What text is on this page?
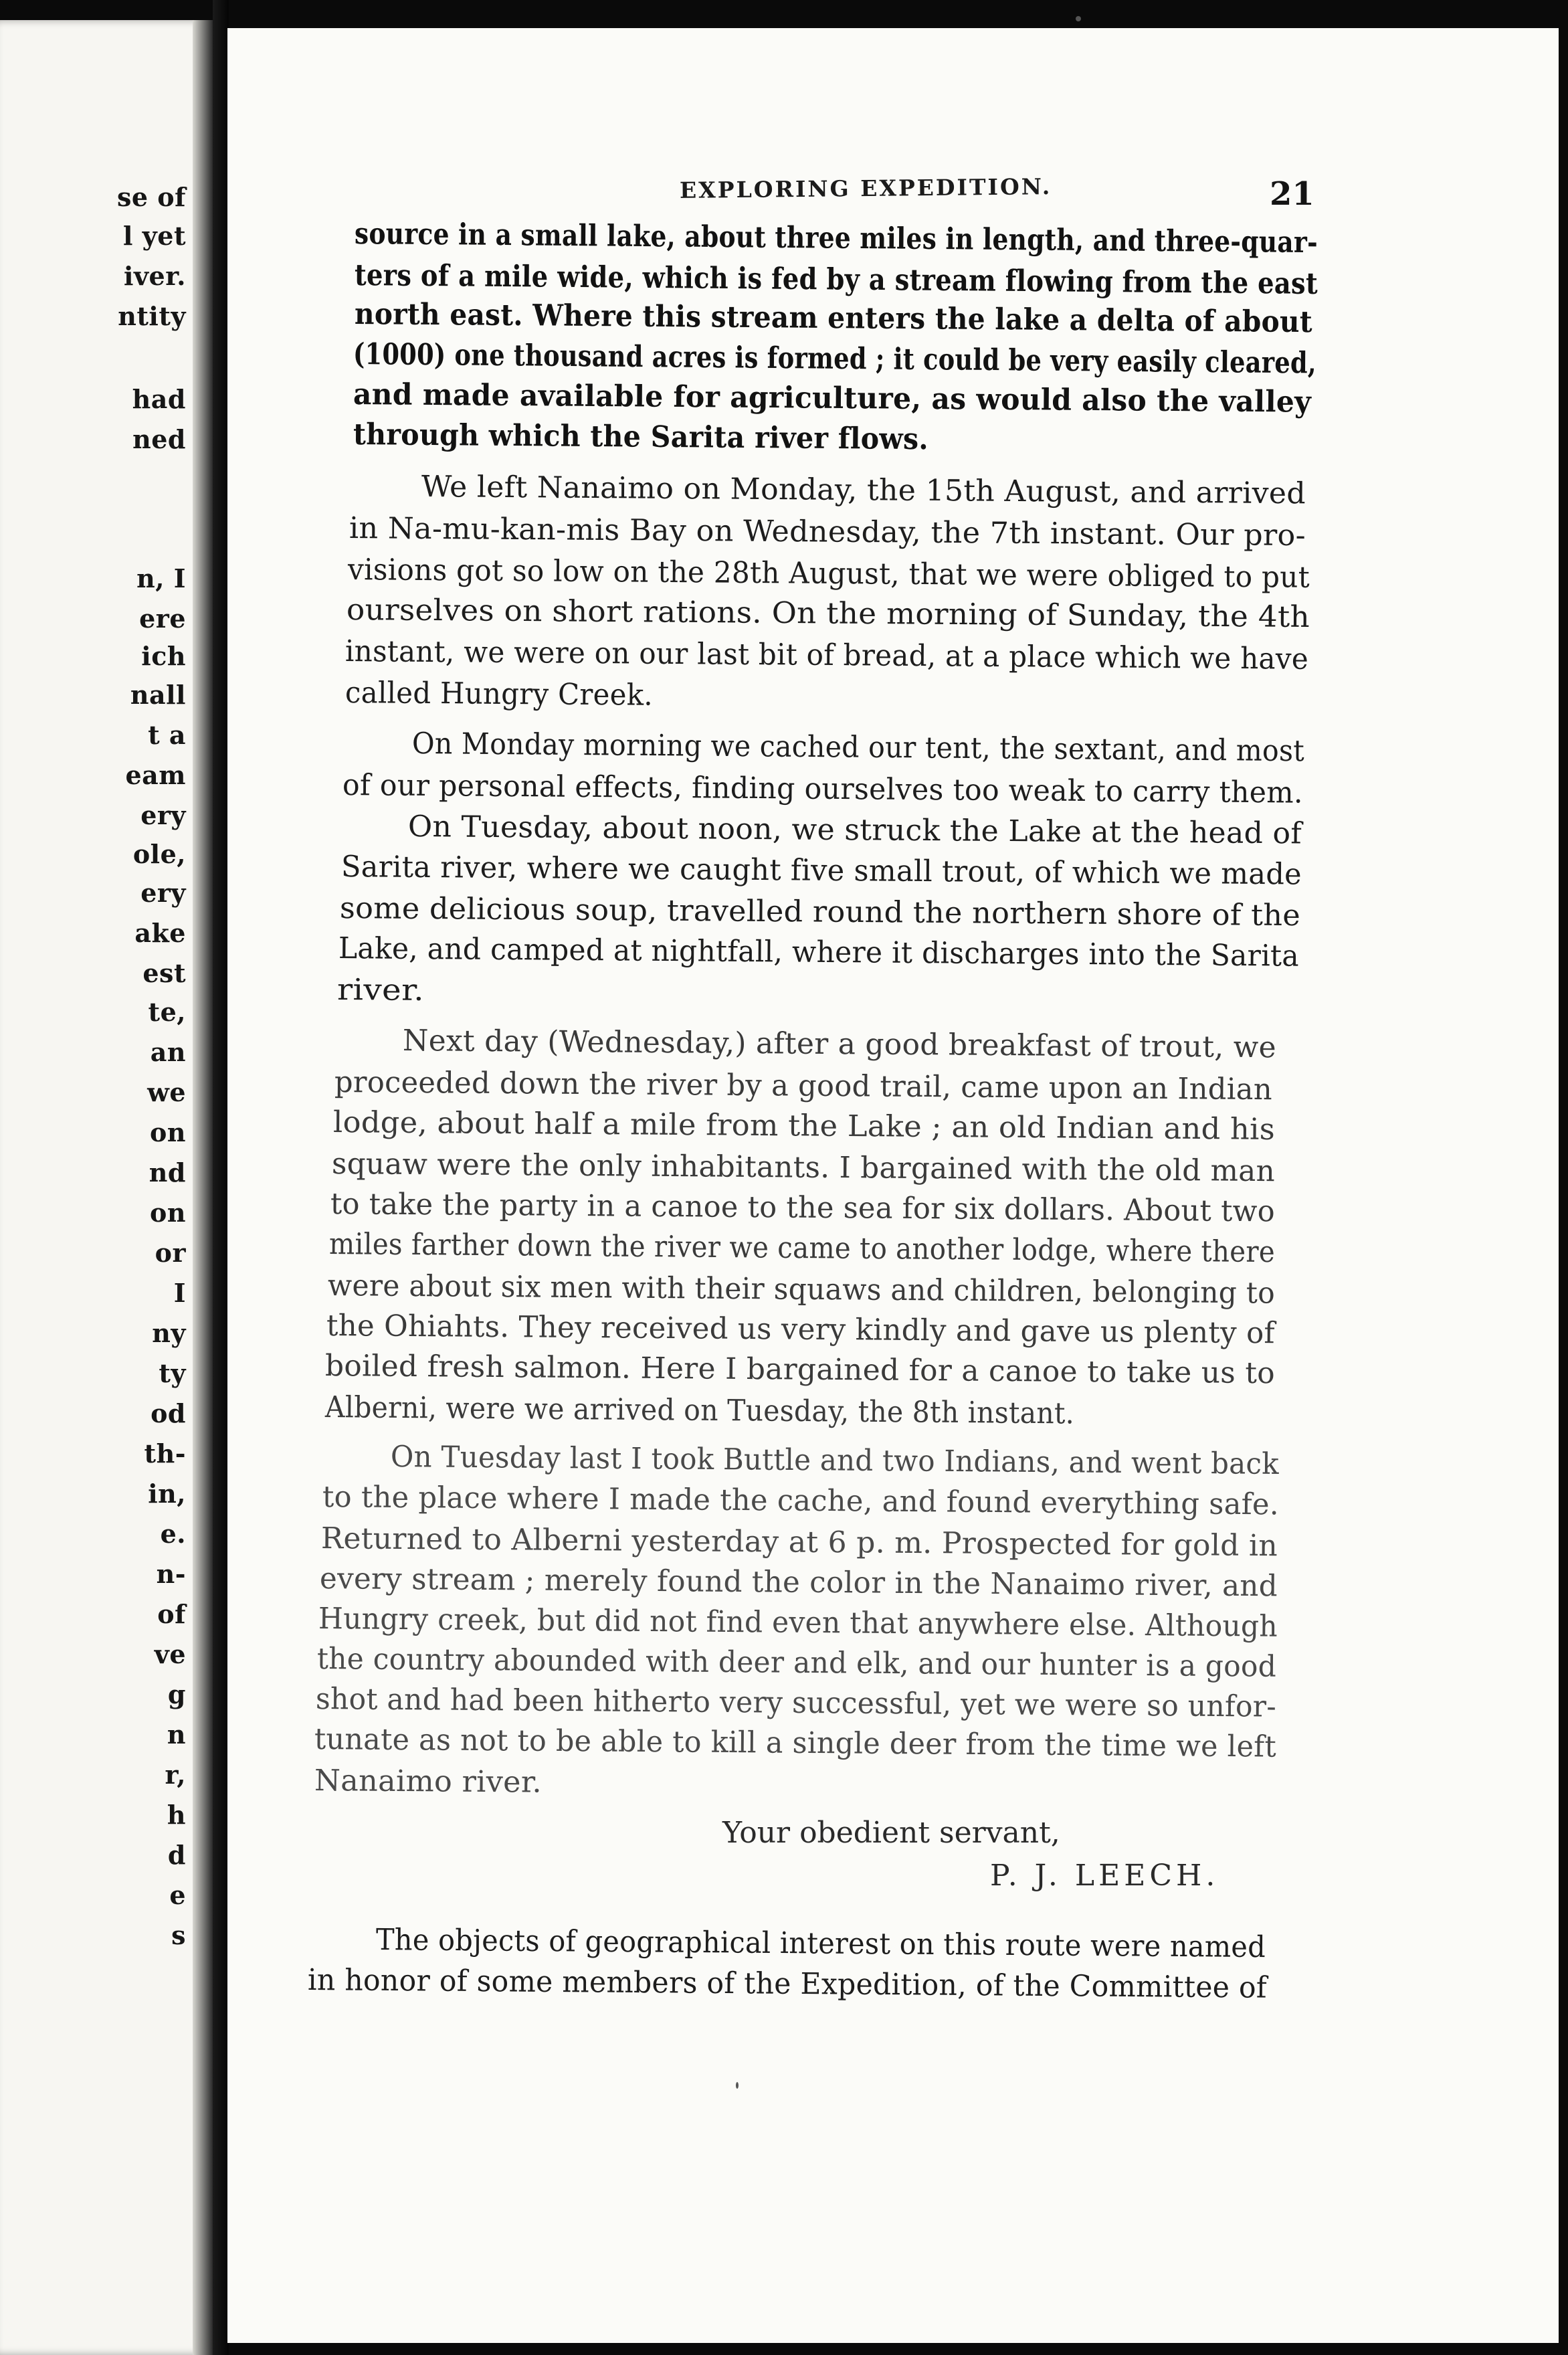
se of
l yet
iver.
ntity
had
ned
n, I
ere
ich
nall
t a
eam
ery
ole,
ery
ake
est
te,
an
we
on
nd
on
or
I
ny
ty
od
th-
in,
e.
n-
of
ve
g
n
r,
h
d
e
s
EXPLORING EXPEDITION.	21
source in a small lake, about three miles in length, and three-quar-
ters of a mile wide, which is fed by a stream flowing from the east
north east. Where this stream enters the lake a delta of about
(1000) one thousand acres is formed ; it could be very easily cleared,
and made available for agriculture, as would also the valley
through which the Sarita river flows.
We left Nanaimo on Monday, the 15th August, and arrived
in Na-mu-kan-mis Bay on Wednesday, the 7th instant. Our pro-
visions got so low on the 28th August, that we were obliged to put
ourselves on short rations. On the morning of Sunday, the 4th
instant, we were on our last bit of bread, at a place which we have
called Hungry Creek.
On Monday morning we cached our tent, the sextant, and most
of our personal effects, finding ourselves too weak to carry them.
On Tuesday, about noon, we struck the Lake at the head of
Sarita river, where we caught five small trout, of which we made
some delicious soup, travelled round the northern shore of the
Lake, and camped at nightfall, where it discharges into the Sarita
river.
Next day (Wednesday,) after a good breakfast of trout, we
proceeded down the river by a good trail, came upon an Indian
lodge, about half a mile from the Lake ; an old Indian and his
squaw were the only inhabitants. I bargained with the old man
to take the party in a canoe to the sea for six dollars. About two
miles farther down the river we came to another lodge, where there
were about six men with their squaws and children, belonging to
the Ohiahts. They received us very kindly and gave us plenty of
boiled fresh salmon. Here I bargained for a canoe to take us to
Alberni, were we arrived on Tuesday, the 8th instant.
On Tuesday last I took Buttle and two Indians, and went back
to the place where I made the cache, and found everything safe.
Returned to Alberni yesterday at 6 p. m. Prospected for gold in
every stream ; merely found the color in the Nanaimo river, and
Hungry creek, but did not find even that anywhere else. Although
the country abounded with deer and elk, and our hunter is a good
shot and had been hitherto very successful, yet we were so unfor-
tunate as not to be able to kill a single deer from the time we left
Nanaimo river.
Your obedient servant,
P. J. LEECH.
The objects of geographical interest on this route were named
in honor of some members of the Expedition, of the Committee of
